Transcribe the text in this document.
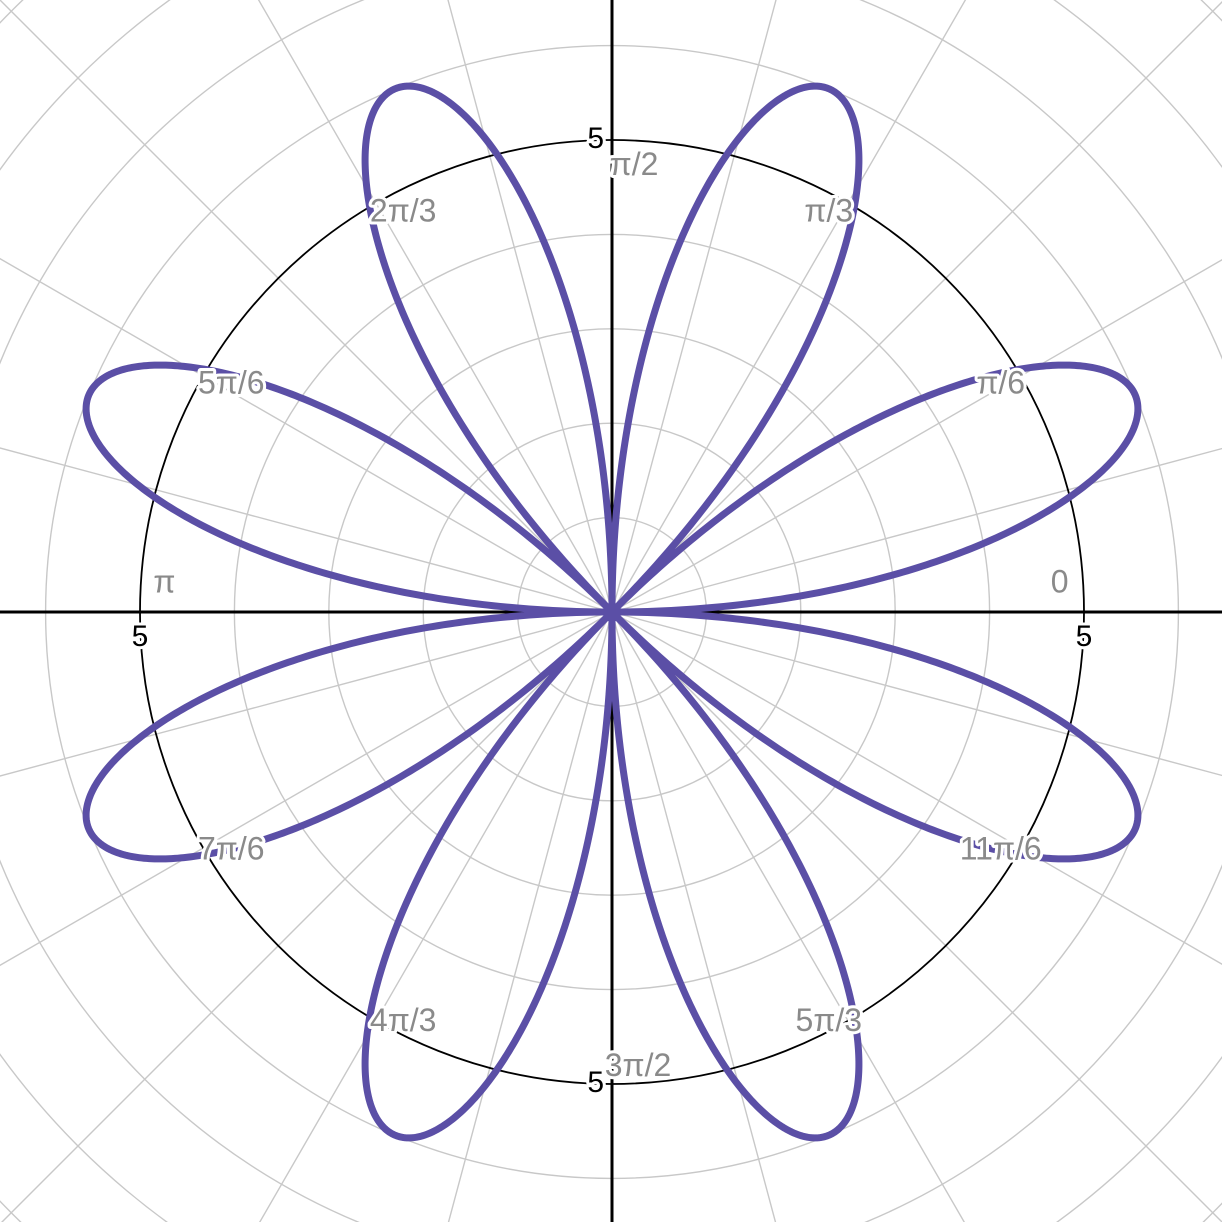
0
π/6
π/3
π/2
2π/3
5π/6
π
7π/6
4π/3
3π/2
5π/3
11π/6
5
5
5
5
